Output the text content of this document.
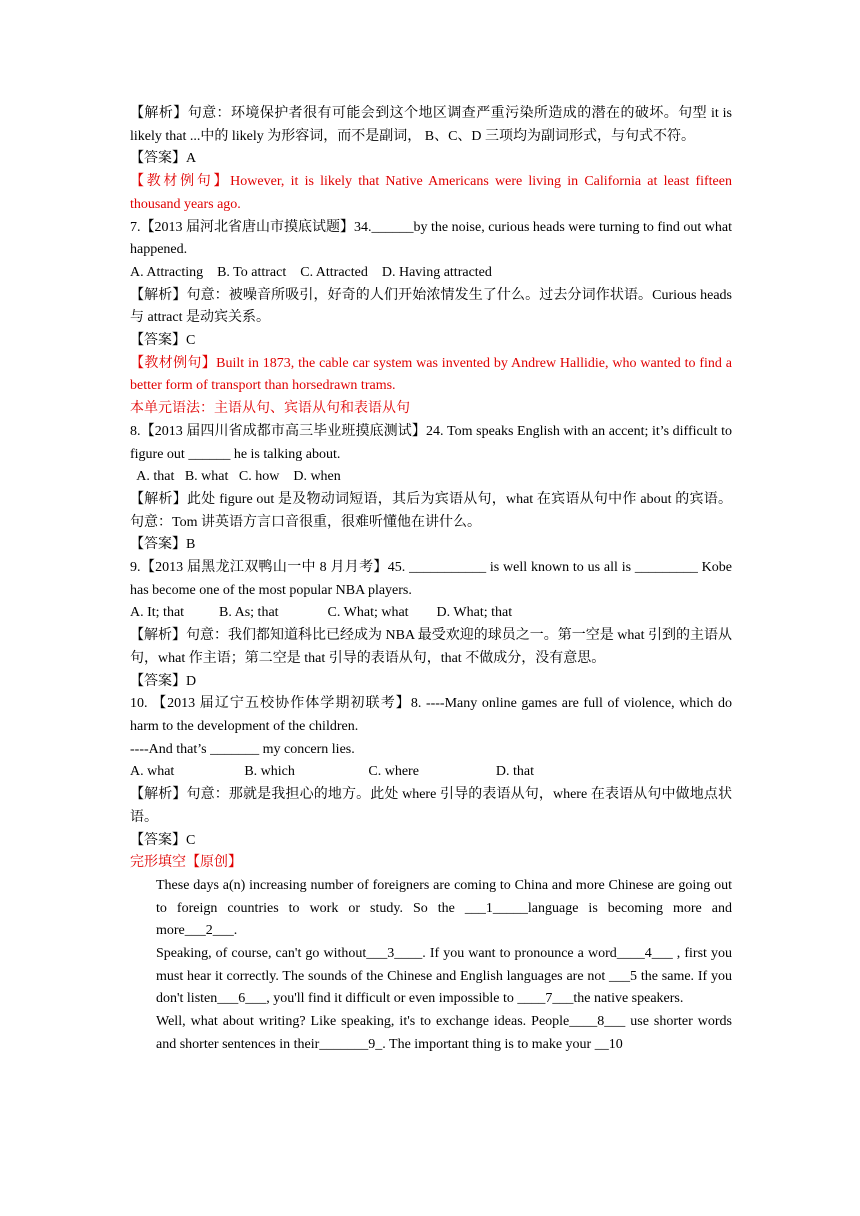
【解析】句意：环境保护者很有可能会到这个地区调查严重污染所造成的潜在的破坏。句型 it is likely that ...中的 likely 为形容词，而不是副词， B、C、D 三项均为副词形式，与句式不符。

【答案】A

【教材例句】However, it is likely that Native Americans were living in California at least fifteen thousand years ago.

7.【2013 届河北省唐山市摸底试题】34.______by the noise, curious heads were turning to find out what happened.

A. Attracting    B. To attract    C. Attracted    D. Having attracted

【解析】句意：被噪音所吸引，好奇的人们开始浓情发生了什么。过去分词作状语。Curious heads 与 attract 是动宾关系。

【答案】C

【教材例句】Built in 1873, the cable car system was invented by Andrew Hallidie, who wanted to find a better form of transport than horsedrawn trams.

本单元语法：主语从句、宾语从句和表语从句

8.【2013 届四川省成都市高三毕业班摸底测试】24. Tom speaks English with an accent; it’s difficult to figure out ______ he is talking about.

A. that   B. what   C. how    D. when

【解析】此处 figure out 是及物动词短语，其后为宾语从句，what 在宾语从句中作 about 的宾语。句意：Tom 讲英语方言口音很重，很难听懂他在讲什么。

【答案】B

9.【2013 届黑龙江双鸭山一中 8 月月考】45. ___________ is well known to us all is _________ Kobe has become one of the most popular NBA players.

A. It; that          B. As; that              C. What; what        D. What; that

【解析】句意：我们都知道科比已经成为 NBA 最受欢迎的球员之一。第一空是 what 引到的主语从句，what 作主语；第二空是 that 引导的表语从句，that 不做成分，没有意思。

【答案】D

10. 【2013 届辽宁五校协作体学期初联考】8. ----Many online games are full of violence, which do harm to the development of the children.

----And that’s _______ my concern lies.

A. what                    B. which                     C. where                      D. that

【解析】句意：那就是我担心的地方。此处 where 引导的表语从句，where 在表语从句中做地点状语。

【答案】C

完形填空【原创】

These days a(n) increasing number of foreigners are coming to China and more Chinese are going out to foreign countries to work or study. So the ___1_____language is becoming more and more___2___.

Speaking, of course, can't go without___3____. If you want to pronounce a word____4___ , first you must hear it correctly. The sounds of the Chinese and English languages are not ___5 the same. If you don't listen___6___, you'll find it difficult or even impossible to ____7___the native speakers.

Well, what about writing? Like speaking, it's to exchange ideas. People____8___ use shorter words and shorter sentences in their_______9_. The important thing is to make your __10
